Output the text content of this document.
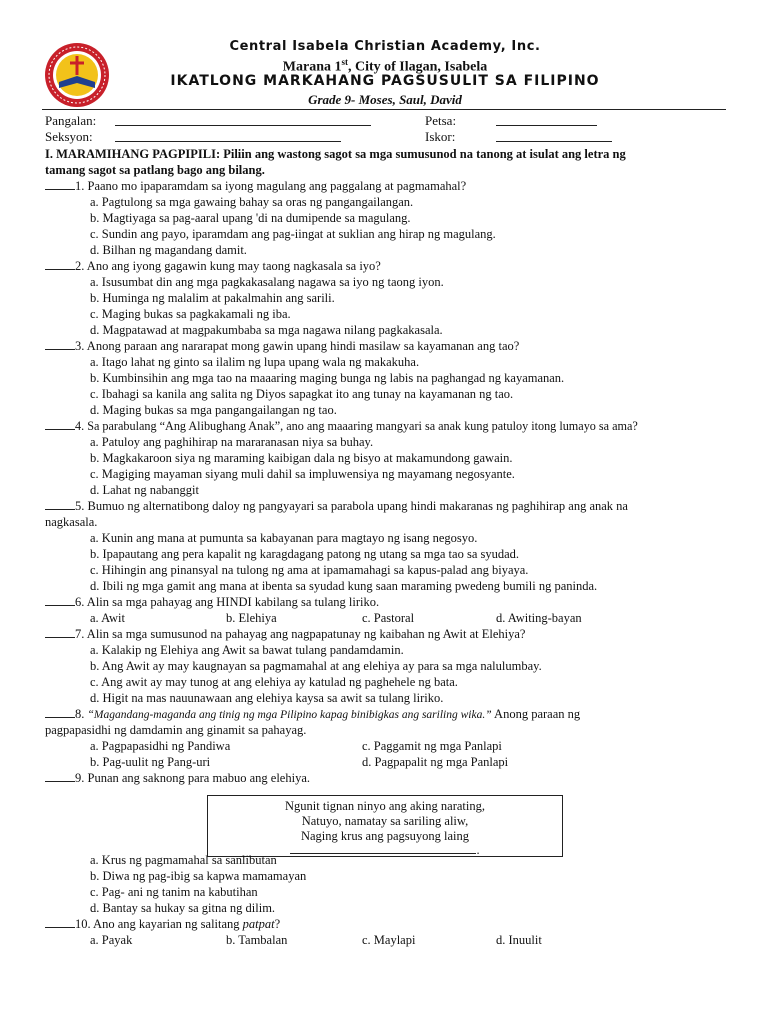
Central Isabela Christian Academy, Inc.
Marana 1st, City of Ilagan, Isabela
IKATLONG MARKAHANG PAGSUSULIT SA FILIPINO
Grade 9- Moses, Saul, David
Pangalan:	Petsa:
Seksyon:	Iskor:
I. MARAMIHANG PAGPIPILI: Piliin ang wastong sagot sa mga sumusunod na tanong at isulat ang letra ng
tamang sagot sa patlang bago ang bilang.
1. Paano mo ipaparamdam sa iyong magulang ang paggalang at pagmamahal?
a. Pagtulong sa mga gawaing bahay sa oras ng pangangailangan.
b. Magtiyaga sa pag-aaral upang 'di na dumipende sa magulang.
c. Sundin ang payo, iparamdam ang pag-iingat at suklian ang hirap ng magulang.
d. Bilhan ng magandang damit.
2. Ano ang iyong gagawin kung may taong nagkasala sa iyo?
a. Isusumbat din ang mga pagkakasalang nagawa sa iyo ng taong iyon.
b. Huminga ng malalim at pakalmahin ang sarili.
c. Maging bukas sa pagkakamali ng iba.
d. Magpatawad at magpakumbaba sa mga nagawa nilang pagkakasala.
3. Anong paraan ang nararapat mong gawin upang hindi masilaw sa kayamanan ang tao?
a. Itago lahat ng ginto sa ilalim ng lupa upang wala ng makakuha.
b. Kumbinsihin ang mga tao na maaaring maging bunga ng labis na paghangad ng kayamanan.
c. Ibahagi sa kanila ang salita ng Diyos sapagkat ito ang tunay na kayamanan ng tao.
d. Maging bukas sa mga pangangailangan ng tao.
4. Sa parabulang “Ang Alibughang Anak”, ano ang maaaring mangyari sa anak kung patuloy itong lumayo sa ama?
a. Patuloy ang paghihirap na mararanasan niya sa buhay.
b. Magkakaroon siya ng maraming kaibigan dala ng bisyo at makamundong gawain.
c. Magiging mayaman siyang muli dahil sa impluwensiya ng mayamang negosyante.
d. Lahat ng nabanggit
5. Bumuo ng alternatibong daloy ng pangyayari sa parabola upang hindi makaranas ng paghihirap ang anak na
nagkasala.
a. Kunin ang mana at pumunta sa kabayanan para magtayo ng isang negosyo.
b. Ipapautang ang pera kapalit ng karagdagang patong ng utang sa mga tao sa syudad.
c. Hihingin ang pinansyal na tulong ng ama at ipamamahagi sa kapus-palad ang biyaya.
d. Ibili ng mga gamit ang mana at ibenta sa syudad kung saan maraming pwedeng bumili ng paninda.
6. Alin sa mga pahayag ang HINDI kabilang sa tulang liriko.
a. Awit	b. Elehiya	c. Pastoral	d. Awiting-bayan
7. Alin sa mga sumusunod na pahayag ang nagpapatunay ng kaibahan ng Awit at Elehiya?
a. Kalakip ng Elehiya ang Awit sa bawat tulang pandamdamin.
b. Ang Awit ay may kaugnayan sa pagmamahal at ang elehiya ay para sa mga nalulumbay.
c. Ang awit ay may tunog at ang elehiya ay katulad ng paghehele ng bata.
d. Higit na mas nauunawaan ang elehiya kaysa sa awit sa tulang liriko.
8. “Magandang-maganda ang tinig ng mga Pilipino kapag binibigkas ang sariling wika.” Anong paraan ng
pagpapasidhi ng damdamin ang ginamit sa pahayag.
a. Pagpapasidhi ng Pandiwa	c. Paggamit ng mga Panlapi
b. Pag-uulit ng Pang-uri	d. Pagpapalit ng mga Panlapi
9. Punan ang saknong para mabuo ang elehiya.
Ngunit tignan ninyo ang aking narating,
Natuyo, namatay sa sariling aliw,
Naging krus ang pagsuyong laing
.
a. Krus ng pagmamahal sa sanlibutan
b. Diwa ng pag-ibig sa kapwa mamamayan
c. Pag- ani ng tanim na kabutihan
d. Bantay sa hukay sa gitna ng dilim.
10. Ano ang kayarian ng salitang patpat?
a. Payak	b. Tambalan	c. Maylapi	d. Inuulit
